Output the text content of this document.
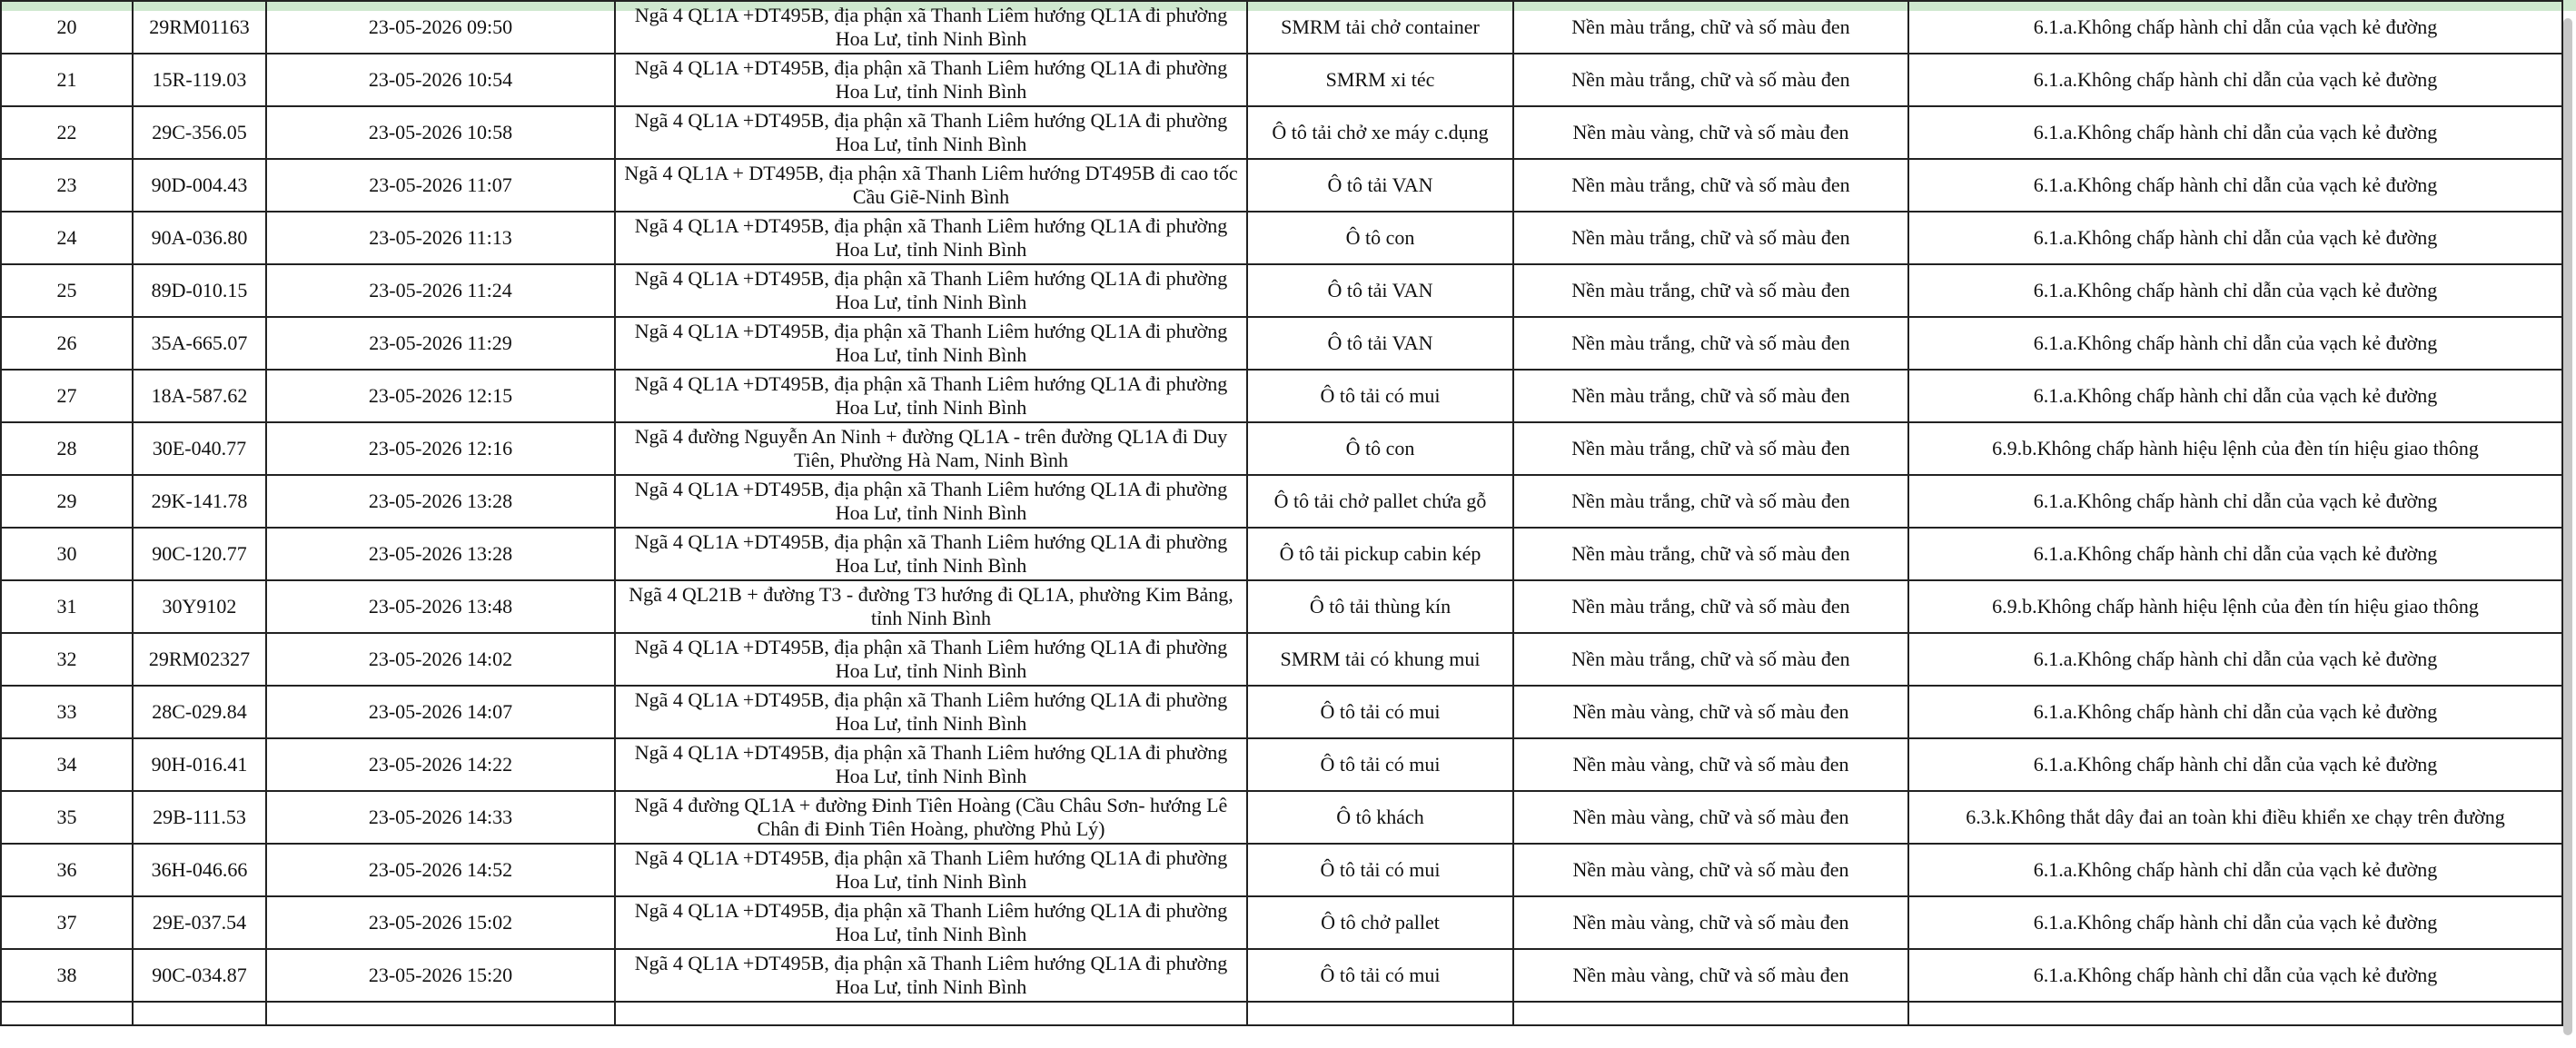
20	29RM01163	23-05-2026 09:50	Ngã 4 QL1A +DT495B, địa phận xã Thanh Liêm hướng QL1A đi phường Hoa Lư, tỉnh Ninh Bình	SMRM tải chở container	Nền màu trắng, chữ và số màu đen	6.1.a.Không chấp hành chỉ dẫn của vạch kẻ đường
21	15R-119.03	23-05-2026 10:54	Ngã 4 QL1A +DT495B, địa phận xã Thanh Liêm hướng QL1A đi phường Hoa Lư, tỉnh Ninh Bình	SMRM xi téc	Nền màu trắng, chữ và số màu đen	6.1.a.Không chấp hành chỉ dẫn của vạch kẻ đường
22	29C-356.05	23-05-2026 10:58	Ngã 4 QL1A +DT495B, địa phận xã Thanh Liêm hướng QL1A đi phường Hoa Lư, tỉnh Ninh Bình	Ô tô tải chở xe máy c.dụng	Nền màu vàng, chữ và số màu đen	6.1.a.Không chấp hành chỉ dẫn của vạch kẻ đường
23	90D-004.43	23-05-2026 11:07	Ngã 4 QL1A + DT495B, địa phận xã Thanh Liêm hướng DT495B đi cao tốc Cầu Giẽ-Ninh Bình	Ô tô tải VAN	Nền màu trắng, chữ và số màu đen	6.1.a.Không chấp hành chỉ dẫn của vạch kẻ đường
24	90A-036.80	23-05-2026 11:13	Ngã 4 QL1A +DT495B, địa phận xã Thanh Liêm hướng QL1A đi phường Hoa Lư, tỉnh Ninh Bình	Ô tô con	Nền màu trắng, chữ và số màu đen	6.1.a.Không chấp hành chỉ dẫn của vạch kẻ đường
25	89D-010.15	23-05-2026 11:24	Ngã 4 QL1A +DT495B, địa phận xã Thanh Liêm hướng QL1A đi phường Hoa Lư, tỉnh Ninh Bình	Ô tô tải VAN	Nền màu trắng, chữ và số màu đen	6.1.a.Không chấp hành chỉ dẫn của vạch kẻ đường
26	35A-665.07	23-05-2026 11:29	Ngã 4 QL1A +DT495B, địa phận xã Thanh Liêm hướng QL1A đi phường Hoa Lư, tỉnh Ninh Bình	Ô tô tải VAN	Nền màu trắng, chữ và số màu đen	6.1.a.Không chấp hành chỉ dẫn của vạch kẻ đường
27	18A-587.62	23-05-2026 12:15	Ngã 4 QL1A +DT495B, địa phận xã Thanh Liêm hướng QL1A đi phường Hoa Lư, tỉnh Ninh Bình	Ô tô tải có mui	Nền màu trắng, chữ và số màu đen	6.1.a.Không chấp hành chỉ dẫn của vạch kẻ đường
28	30E-040.77	23-05-2026 12:16	Ngã 4 đường Nguyễn An Ninh + đường QL1A - trên đường QL1A đi Duy Tiên, Phường Hà Nam, Ninh Bình	Ô tô con	Nền màu trắng, chữ và số màu đen	6.9.b.Không chấp hành hiệu lệnh của đèn tín hiệu giao thông
29	29K-141.78	23-05-2026 13:28	Ngã 4 QL1A +DT495B, địa phận xã Thanh Liêm hướng QL1A đi phường Hoa Lư, tỉnh Ninh Bình	Ô tô tải chở pallet chứa gỗ	Nền màu trắng, chữ và số màu đen	6.1.a.Không chấp hành chỉ dẫn của vạch kẻ đường
30	90C-120.77	23-05-2026 13:28	Ngã 4 QL1A +DT495B, địa phận xã Thanh Liêm hướng QL1A đi phường Hoa Lư, tỉnh Ninh Bình	Ô tô tải pickup cabin kép	Nền màu trắng, chữ và số màu đen	6.1.a.Không chấp hành chỉ dẫn của vạch kẻ đường
31	30Y9102	23-05-2026 13:48	Ngã 4 QL21B + đường T3 - đường T3 hướng đi QL1A, phường Kim Bảng, tỉnh Ninh Bình	Ô tô tải thùng kín	Nền màu trắng, chữ và số màu đen	6.9.b.Không chấp hành hiệu lệnh của đèn tín hiệu giao thông
32	29RM02327	23-05-2026 14:02	Ngã 4 QL1A +DT495B, địa phận xã Thanh Liêm hướng QL1A đi phường Hoa Lư, tỉnh Ninh Bình	SMRM tải có khung mui	Nền màu trắng, chữ và số màu đen	6.1.a.Không chấp hành chỉ dẫn của vạch kẻ đường
33	28C-029.84	23-05-2026 14:07	Ngã 4 QL1A +DT495B, địa phận xã Thanh Liêm hướng QL1A đi phường Hoa Lư, tỉnh Ninh Bình	Ô tô tải có mui	Nền màu vàng, chữ và số màu đen	6.1.a.Không chấp hành chỉ dẫn của vạch kẻ đường
34	90H-016.41	23-05-2026 14:22	Ngã 4 QL1A +DT495B, địa phận xã Thanh Liêm hướng QL1A đi phường Hoa Lư, tỉnh Ninh Bình	Ô tô tải có mui	Nền màu vàng, chữ và số màu đen	6.1.a.Không chấp hành chỉ dẫn của vạch kẻ đường
35	29B-111.53	23-05-2026 14:33	Ngã 4 đường QL1A + đường Đinh Tiên Hoàng (Cầu Châu Sơn- hướng Lê Chân đi Đinh Tiên Hoàng, phường Phủ Lý)	Ô tô khách	Nền màu vàng, chữ và số màu đen	6.3.k.Không thắt dây đai an toàn khi điều khiển xe chạy trên đường
36	36H-046.66	23-05-2026 14:52	Ngã 4 QL1A +DT495B, địa phận xã Thanh Liêm hướng QL1A đi phường Hoa Lư, tỉnh Ninh Bình	Ô tô tải có mui	Nền màu vàng, chữ và số màu đen	6.1.a.Không chấp hành chỉ dẫn của vạch kẻ đường
37	29E-037.54	23-05-2026 15:02	Ngã 4 QL1A +DT495B, địa phận xã Thanh Liêm hướng QL1A đi phường Hoa Lư, tỉnh Ninh Bình	Ô tô chở pallet	Nền màu vàng, chữ và số màu đen	6.1.a.Không chấp hành chỉ dẫn của vạch kẻ đường
38	90C-034.87	23-05-2026 15:20	Ngã 4 QL1A +DT495B, địa phận xã Thanh Liêm hướng QL1A đi phường Hoa Lư, tỉnh Ninh Bình	Ô tô tải có mui	Nền màu vàng, chữ và số màu đen	6.1.a.Không chấp hành chỉ dẫn của vạch kẻ đường
